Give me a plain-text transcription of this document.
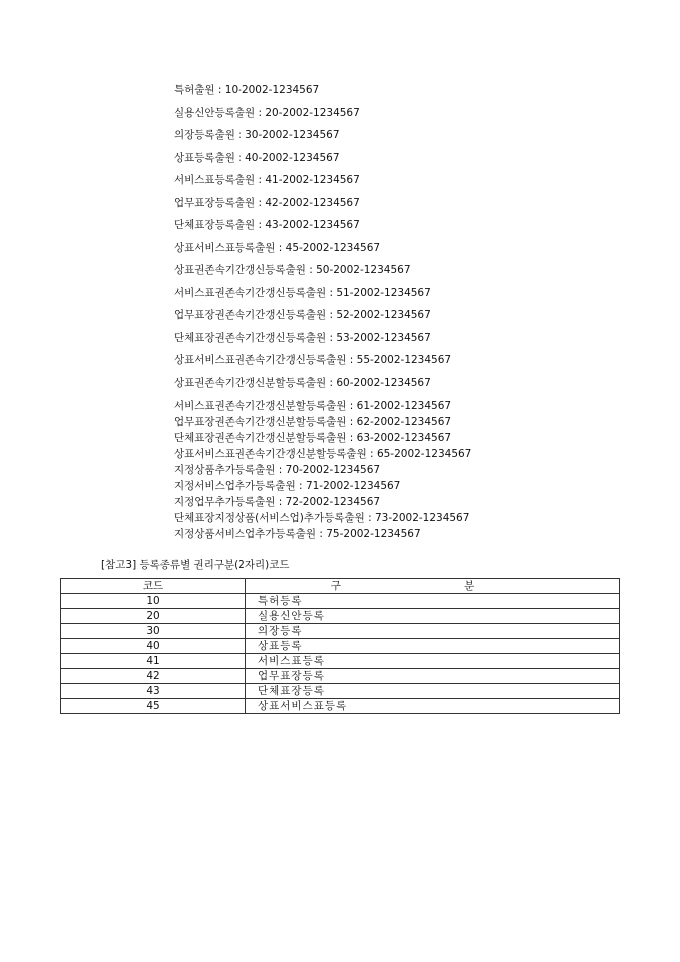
특허출원 : 10-2002-1234567
실용신안등록출원 : 20-2002-1234567
의장등록출원 : 30-2002-1234567
상표등록출원 : 40-2002-1234567
서비스표등록출원 : 41-2002-1234567
업무표장등록출원 : 42-2002-1234567
단체표장등록출원 : 43-2002-1234567
상표서비스표등록출원 : 45-2002-1234567
상표권존속기간갱신등록출원 : 50-2002-1234567
서비스표권존속기간갱신등록출원 : 51-2002-1234567
업무표장권존속기간갱신등록출원 : 52-2002-1234567
단체표장권존속기간갱신등록출원 : 53-2002-1234567
상표서비스표권존속기간갱신등록출원 : 55-2002-1234567
상표권존속기간갱신분할등록출원 : 60-2002-1234567
서비스표권존속기간갱신분할등록출원 : 61-2002-1234567
업무표장권존속기간갱신분할등록출원 : 62-2002-1234567
단체표장권존속기간갱신분할등록출원 : 63-2002-1234567
상표서비스표권존속기간갱신분할등록출원 : 65-2002-1234567
지정상품추가등록출원 : 70-2002-1234567
지정서비스업추가등록출원 : 71-2002-1234567
지정업무추가등록출원 : 72-2002-1234567
단체표장지정상품(서비스업)추가등록출원 : 73-2002-1234567
지정상품서비스업추가등록출원 : 75-2002-1234567
[참고3] 등록종류별 권리구분(2자리)코드
코드	구 분
10	특허등록
20	실용신안등록
30	의장등록
40	상표등록
41	서비스표등록
42	업무표장등록
43	단체표장등록
45	상표서비스표등록
